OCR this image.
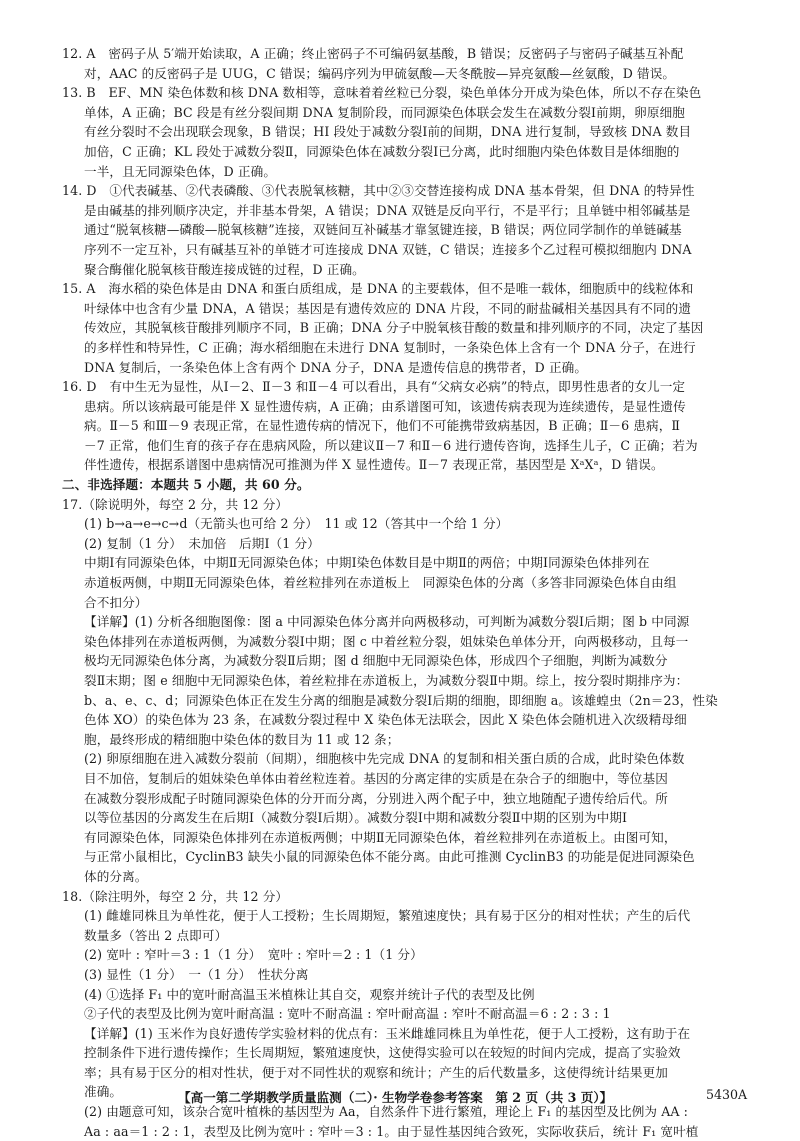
12. A　密码子从 5′端开始读取，A 正确；终止密码子不可编码氨基酸，B 错误；反密码子与密码子碱基互补配

对，AAC 的反密码子是 UUG，C 错误；编码序列为甲硫氨酸—天冬酰胺—异亮氨酸—丝氨酸，D 错误。

13. B　EF、MN 染色体数和核 DNA 数相等，意味着着丝粒已分裂，染色单体分开成为染色体，所以不存在染色

单体，A 正确；BC 段是有丝分裂间期 DNA 复制阶段，而同源染色体联会发生在减数分裂Ⅰ前期，卵原细胞

有丝分裂时不会出现联会现象，B 错误；HI 段处于减数分裂Ⅰ前的间期，DNA 进行复制，导致核 DNA 数目

加倍，C 正确；KL 段处于减数分裂Ⅱ，同源染色体在减数分裂Ⅰ已分离，此时细胞内染色体数目是体细胞的

一半，且无同源染色体，D 正确。

14. D　①代表碱基、②代表磷酸、③代表脱氧核糖，其中②③交替连接构成 DNA 基本骨架，但 DNA 的特异性

是由碱基的排列顺序决定，并非基本骨架，A 错误；DNA 双链是反向平行，不是平行；且单链中相邻碱基是

通过“脱氧核糖—磷酸—脱氧核糖”连接，双链间互补碱基才靠氢键连接，B 错误；两位同学制作的单链碱基

序列不一定互补，只有碱基互补的单链才可连接成 DNA 双链，C 错误；连接多个乙过程可模拟细胞内 DNA

聚合酶催化脱氧核苷酸连接成链的过程，D 正确。

15. A　海水稻的染色体是由 DNA 和蛋白质组成，是 DNA 的主要载体，但不是唯一载体，细胞质中的线粒体和

叶绿体中也含有少量 DNA，A 错误；基因是有遗传效应的 DNA 片段，不同的耐盐碱相关基因具有不同的遗

传效应，其脱氧核苷酸排列顺序不同，B 正确；DNA 分子中脱氧核苷酸的数量和排列顺序的不同，决定了基因

的多样性和特异性，C 正确；海水稻细胞在未进行 DNA 复制时，一条染色体上含有一个 DNA 分子，在进行

DNA 复制后，一条染色体上含有两个 DNA 分子，DNA 是遗传信息的携带者，D 正确。

16. D　有中生无为显性，从Ⅰ－2、Ⅱ－3 和Ⅱ－4 可以看出，具有“父病女必病”的特点，即男性患者的女儿一定

患病。所以该病最可能是伴 X 显性遗传病，A 正确；由系谱图可知，该遗传病表现为连续遗传，是显性遗传

病。Ⅱ－5 和Ⅲ－9 表现正常，在显性遗传病的情况下，他们不可能携带致病基因，B 正确；Ⅱ－6 患病，Ⅱ

－7 正常，他们生育的孩子存在患病风险，所以建议Ⅱ－7 和Ⅱ－6 进行遗传咨询，选择生儿子，C 正确；若为

伴性遗传，根据系谱图中患病情况可推测为伴 X 显性遗传。Ⅱ－7 表现正常，基因型是 XᵃXᵃ，D 错误。

二、非选择题：本题共 5 小题，共 60 分。

17.（除说明外，每空 2 分，共 12 分）

(1) b→a→e→c→d（无箭头也可给 2 分）　11 或 12（答其中一个给 1 分）

(2) 复制（1 分）　未加倍　后期Ⅰ（1 分）

中期Ⅰ有同源染色体，中期Ⅱ无同源染色体；中期Ⅰ染色体数目是中期Ⅱ的两倍；中期Ⅰ同源染色体排列在

赤道板两侧，中期Ⅱ无同源染色体，着丝粒排列在赤道板上　同源染色体的分离（多答非同源染色体自由组

合不扣分）

【详解】(1) 分析各细胞图像：图 a 中同源染色体分离并向两极移动，可判断为减数分裂Ⅰ后期；图 b 中同源

染色体排列在赤道板两侧，为减数分裂Ⅰ中期；图 c 中着丝粒分裂，姐妹染色单体分开，向两极移动，且每一

极均无同源染色体分离，为减数分裂Ⅱ后期；图 d 细胞中无同源染色体，形成四个子细胞，判断为减数分

裂Ⅱ末期；图 e 细胞中无同源染色体，着丝粒排在赤道板上，为减数分裂Ⅱ中期。综上，按分裂时期排序为：

b、a、e、c、d；同源染色体正在发生分离的细胞是减数分裂Ⅰ后期的细胞，即细胞 a。该雄蝗虫（2n＝23，性染

色体 XO）的染色体为 23 条，在减数分裂过程中 X 染色体无法联会，因此 X 染色体会随机进入次级精母细

胞，最终形成的精细胞中染色体的数目为 11 或 12 条；

(2) 卵原细胞在进入减数分裂前（间期），细胞核中先完成 DNA 的复制和相关蛋白质的合成，此时染色体数

目不加倍，复制后的姐妹染色单体由着丝粒连着。基因的分离定律的实质是在杂合子的细胞中，等位基因

在减数分裂形成配子时随同源染色体的分开而分离，分别进入两个配子中，独立地随配子遗传给后代。所

以等位基因的分离发生在后期Ⅰ（减数分裂Ⅰ后期）。减数分裂Ⅰ中期和减数分裂Ⅱ中期的区别为中期Ⅰ

有同源染色体，同源染色体排列在赤道板两侧；中期Ⅱ无同源染色体，着丝粒排列在赤道板上。由图可知，

与正常小鼠相比，CyclinB3 缺失小鼠的同源染色体不能分离。由此可推测 CyclinB3 的功能是促进同源染色

体的分离。

18.（除注明外，每空 2 分，共 12 分）

(1) 雌雄同株且为单性花，便于人工授粉；生长周期短，繁殖速度快；具有易于区分的相对性状；产生的后代

数量多（答出 2 点即可）

(2) 宽叶 : 窄叶＝3 : 1（1 分）　宽叶 : 窄叶＝2 : 1（1 分）

(3) 显性（1 分）　一（1 分）　性状分离

(4) ①选择 F₁ 中的宽叶耐高温玉米植株让其自交，观察并统计子代的表型及比例

②子代的表型及比例为宽叶耐高温 : 宽叶不耐高温 : 窄叶耐高温 : 窄叶不耐高温＝6 : 2 : 3 : 1

【详解】(1) 玉米作为良好遗传学实验材料的优点有：玉米雌雄同株且为单性花，便于人工授粉，这有助于在

控制条件下进行遗传操作；生长周期短，繁殖速度快，这使得实验可以在较短的时间内完成，提高了实验效

率；具有易于区分的相对性状，便于对不同性状的观察和统计；产生的后代数量多，这使得统计结果更加

准确。

(2) 由题意可知，该杂合宽叶植株的基因型为 Aa，自然条件下进行繁殖，理论上 F₁ 的基因型及比例为 AA :

Aa : aa＝1 : 2 : 1，表型及比例为宽叶 : 窄叶＝3 : 1。由于显性基因纯合致死，实际收获后，统计 F₁ 宽叶植

【高一第二学期教学质量监测（二）· 生物学卷参考答案　第 2 页（共 3 页）】	5430A
